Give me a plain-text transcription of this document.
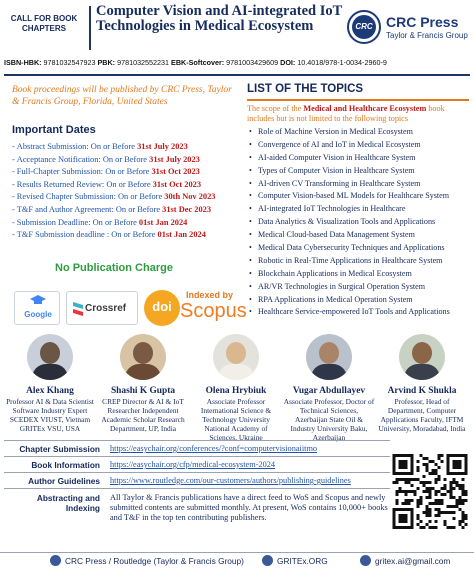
CALL FOR BOOK CHAPTERS
Computer Vision and AI-integrated IoT Technologies in Medical Ecosystem	CRC CRC Press
Taylor & Francis Group
ISBN-HBK: 9781032547923 PBK: 9781032552231 EBK-Softcover: 9781003429609 DOI: 10.4018/978-1-0034-2960-9
Book proceedings will be published by CRC Press, Taylor & Francis Group, Florida, United States
Important Dates
- Abstract Submission: On or Before 31st July 2023
- Acceptance Notification: On or Before 31st July 2023
- Full-Chapter Submission: On or Before 31st Oct 2023
- Results Returned Review: On or Before 31st Oct 2023
- Revised Chapter Submission: On or Before 30th Nov 2023
- T&F and Author Agreement: On or Before 31st Dec 2023
- Submission Deadline: On or Before 01st Jan 2024
- T&F Submission deadline : On or Before 01st Jan 2024
No Publication Charge
Google
Crossref	doi
Indexed by
Scopus
LIST OF THE TOPICS
The scope of the Medical and Healthcare Ecosystem book includes but is not limited to the following topics
• Role of Machine Version in Medical Ecosystem
• Convergence of AI and IoT in Medical Ecosystem
• AI-aided Computer Vision in Healthcare System
• Types of Computer Vision in Healthcare System
• AI-driven CV Transforming in Healthcare System
• Computer Vision-based ML Models for Healthcare System
• AI-integrated IoT Technologies in Healthcare
• Data Analytics & Visualization Tools and Applications
• Medical Cloud-based Data Management System
• Medical Data Cybersecurity Techniques and Applications
• Robotic in Real-Time Applications in Healthcare System
• Blockchain Applications in Medical Ecosystem
• AR/VR Technologies in Surgical Operation System
• RPA Applications in Medical Operation System
• Healthcare Service-empowered IoT Tools and Applications
Alex Khang
Professor AI & Data Scientist Software Industry Expert SCEDEX VIUST, Vietnam GRITEx VSU, USA
Shashi K Gupta
CREP Director & AI & IoT Researcher Independent Academic Scholar Research Department, UP, India
Olena Hrybiuk
Associate Professor International Science & Technology University National Academy of Sciences, Ukraine
Vugar Abdullayev
Associate Professor, Doctor of Technical Sciences, Azerbaijan State Oil & Industry University Baku, Azerbaijan
Arvind K Shukla
Professor, Head of Department, Computer Applications Faculty, IFTM University, Moradabad, India
Chapter Submission https://easychair.org/conferences/?conf=computervisionaiitmo
Book Information https://easychair.org/cfp/medical-ecosystem-2024
Author Guidelines https://www.routledge.com/our-customers/authors/publishing-guidelines
Abstracting and Indexing
All Taylor & Francis publications have a direct feed to WoS and Scopus and newly submitted contents are submitted monthly. At present, WoS contains 10,000+ books and T&F in the top ten contributing publishers.
CRC Press / Routledge (Taylor & Francis Group)	GRITEx.ORG	gritex.ai@gmail.com
